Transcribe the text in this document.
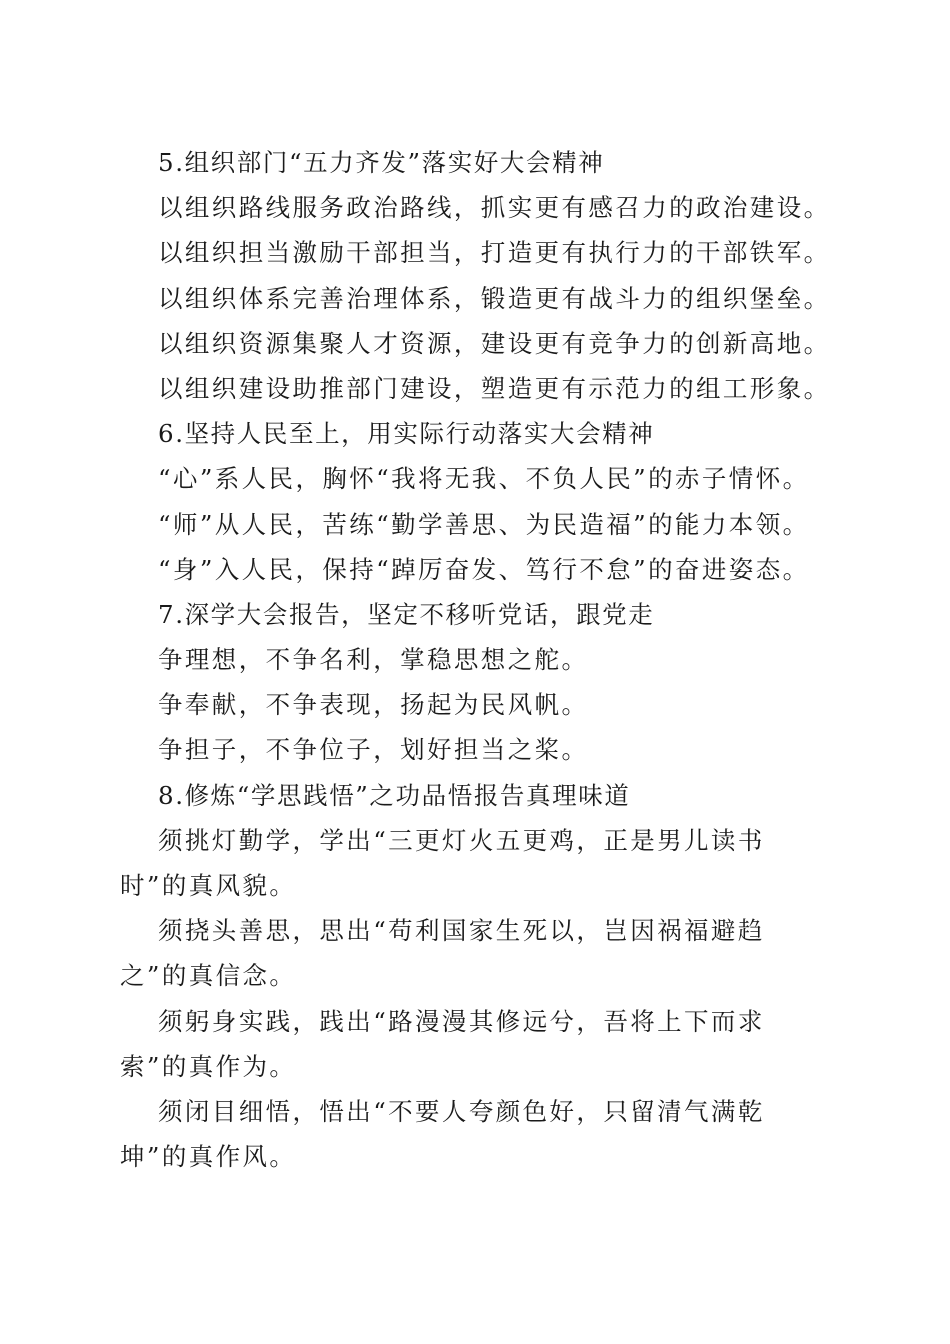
5.组织部门“五力齐发”落实好大会精神
以组织路线服务政治路线，抓实更有感召力的政治建设。
以组织担当激励干部担当，打造更有执行力的干部铁军。
以组织体系完善治理体系，锻造更有战斗力的组织堡垒。
以组织资源集聚人才资源，建设更有竞争力的创新高地。
以组织建设助推部门建设，塑造更有示范力的组工形象。
6.坚持人民至上，用实际行动落实大会精神
“心”系人民，胸怀“我将无我、不负人民”的赤子情怀。
“师”从人民，苦练“勤学善思、为民造福”的能力本领。
“身”入人民，保持“踔厉奋发、笃行不怠”的奋进姿态。
7.深学大会报告，坚定不移听党话，跟党走
争理想，不争名利，掌稳思想之舵。
争奉献，不争表现，扬起为民风帆。
争担子，不争位子，划好担当之桨。
8.修炼“学思践悟”之功品悟报告真理味道
须挑灯勤学，学出“三更灯火五更鸡，正是男儿读书时”的真风貌。
须挠头善思，思出“苟利国家生死以，岂因祸福避趋之”的真信念。
须躬身实践，践出“路漫漫其修远兮，吾将上下而求索”的真作为。
须闭目细悟，悟出“不要人夸颜色好，只留清气满乾坤”的真作风。
